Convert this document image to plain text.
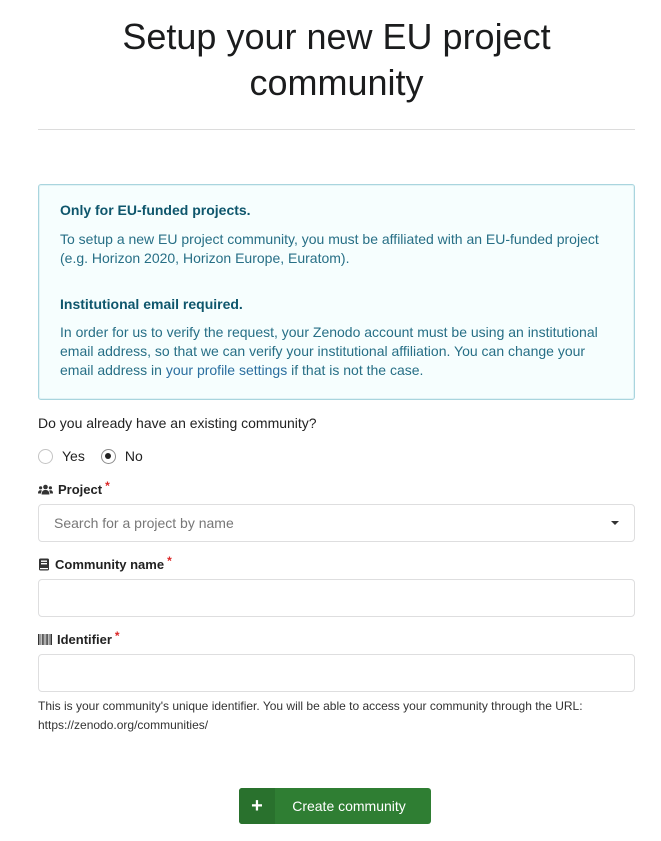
Setup your new EU project
community
Only for EU-funded projects.

To setup a new EU project community, you must be affiliated with an EU-funded project (e.g. Horizon 2020, Horizon Europe, Euratom).

Institutional email required.

In order for us to verify the request, your Zenodo account must be using an institutional email address, so that we can verify your institutional affiliation. You can change your email address in your profile settings if that is not the case.

Do you already have an existing community?
Yes	No
Project *
Search for a project by name
Community name *
Identifier *
This is your community's unique identifier. You will be able to access your community through the URL:
https://zenodo.org/communities/
+	Create community
